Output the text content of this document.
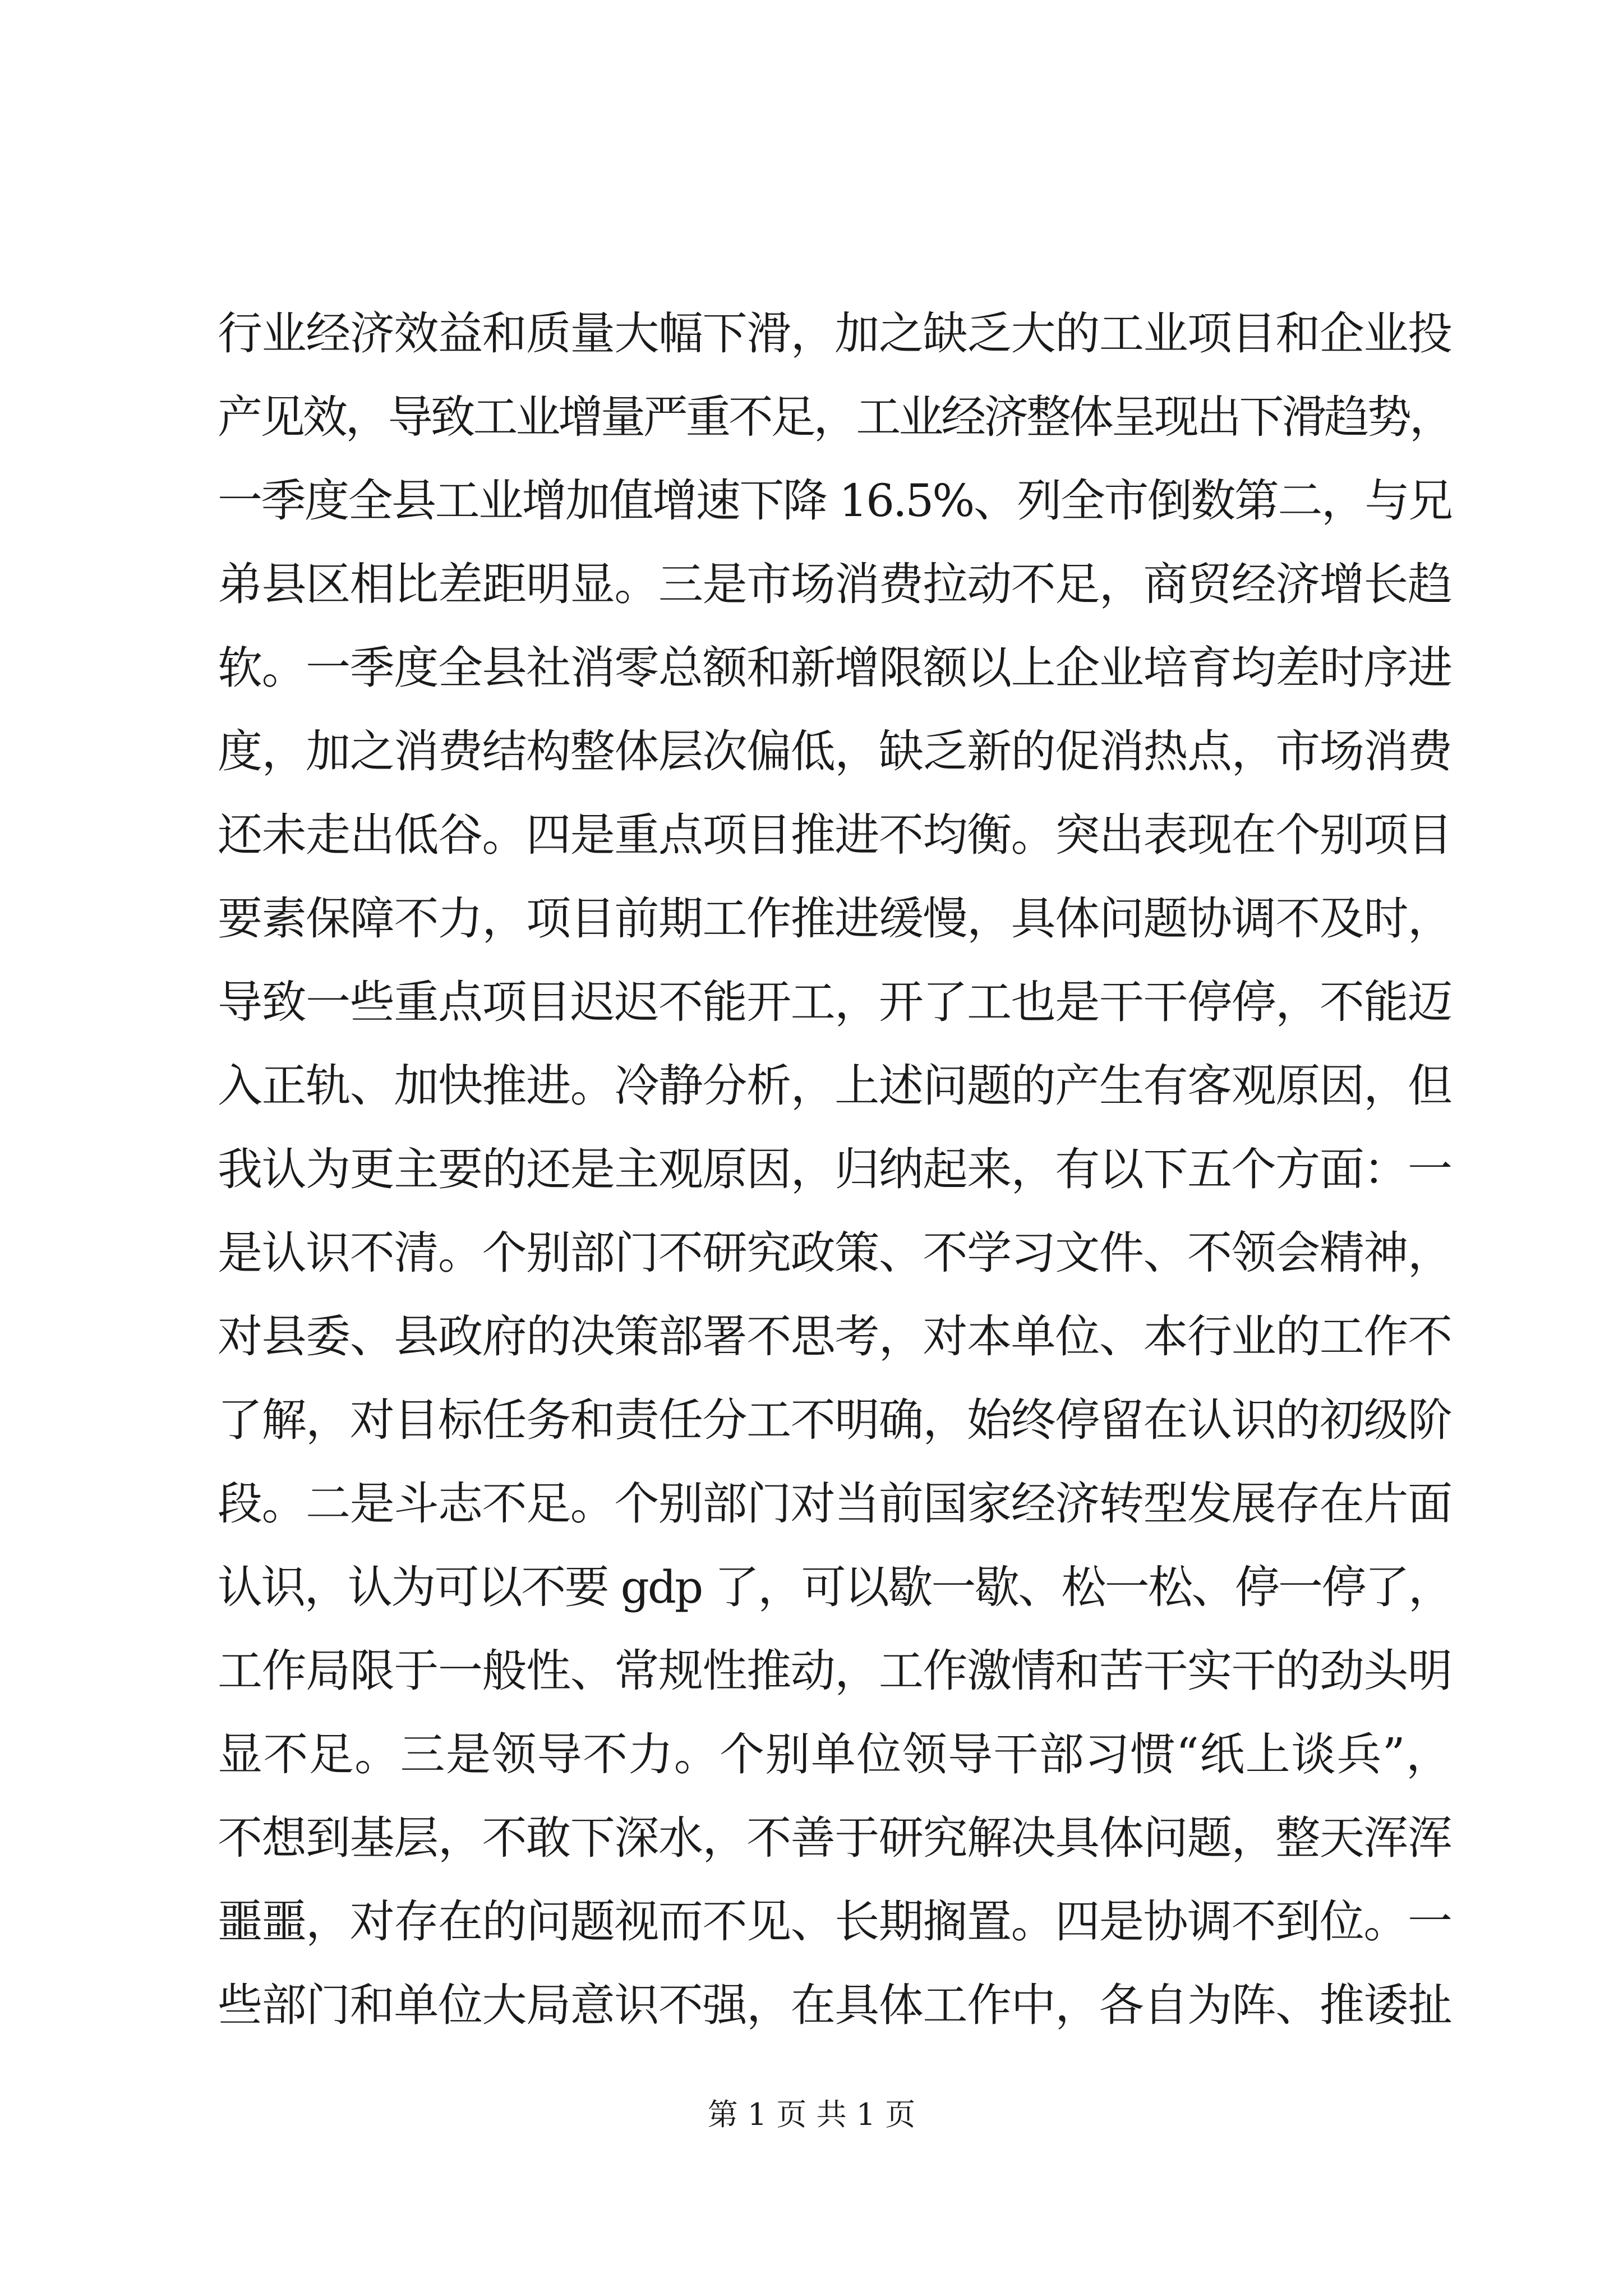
行业经济效益和质量大幅下滑，加之缺乏大的工业项目和企业投
产见效，导致工业增量严重不足，工业经济整体呈现出下滑趋势，
一季度全县工业增加值增速下降 16.5%、列全市倒数第二，与兄
弟县区相比差距明显。三是市场消费拉动不足，商贸经济增长趋
软。一季度全县社消零总额和新增限额以上企业培育均差时序进
度，加之消费结构整体层次偏低，缺乏新的促消热点，市场消费
还未走出低谷。四是重点项目推进不均衡。突出表现在个别项目
要素保障不力，项目前期工作推进缓慢，具体问题协调不及时，
导致一些重点项目迟迟不能开工，开了工也是干干停停，不能迈
入正轨、加快推进。冷静分析，上述问题的产生有客观原因，但
我认为更主要的还是主观原因，归纳起来，有以下五个方面：一
是认识不清。个别部门不研究政策、不学习文件、不领会精神，
对县委、县政府的决策部署不思考，对本单位、本行业的工作不
了解，对目标任务和责任分工不明确，始终停留在认识的初级阶
段。二是斗志不足。个别部门对当前国家经济转型发展存在片面
认识，认为可以不要 gdp 了，可以歇一歇、松一松、停一停了，
工作局限于一般性、常规性推动，工作激情和苦干实干的劲头明
显不足。三是领导不力。个别单位领导干部习惯“纸上谈兵”，
不想到基层，不敢下深水，不善于研究解决具体问题，整天浑浑
噩噩，对存在的问题视而不见、长期搁置。四是协调不到位。一
些部门和单位大局意识不强，在具体工作中，各自为阵、推诿扯
第 1 页 共 1 页
